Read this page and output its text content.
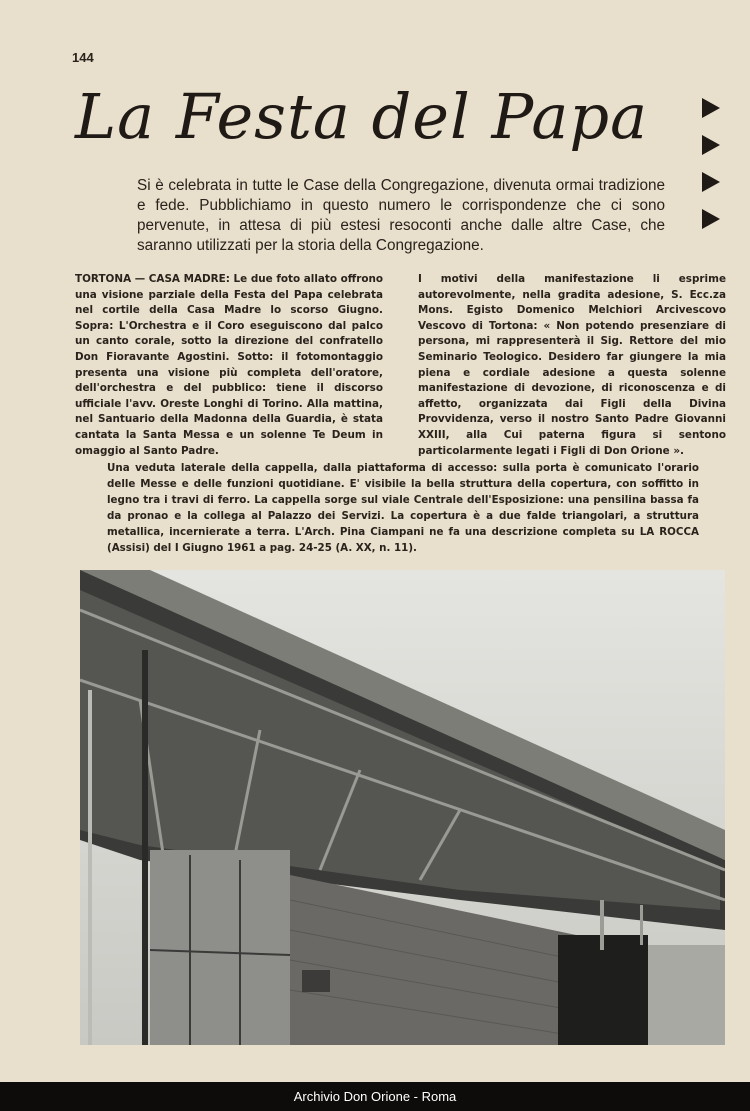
144
La Festa del Papa
Si è celebrata in tutte le Case della Congregazione, divenuta ormai tradizione e fede. Pubblichiamo in questo numero le corrispondenze che ci sono pervenute, in attesa di più estesi resoconti anche dalle altre Case, che saranno utilizzati per la storia della Congregazione.
TORTONA — CASA MADRE: Le due foto allato offrono una visione parziale della Festa del Papa celebrata nel cortile della Casa Madre lo scorso Giugno. Sopra: L'Orchestra e il Coro eseguiscono dal palco un canto corale, sotto la direzione del confratello Don Fioravante Agostini. Sotto: il fotomontaggio presenta una visione più completa dell'oratore, dell'orchestra e del pubblico: tiene il discorso ufficiale l'avv. Oreste Longhi di Torino. Alla mattina, nel Santuario della Madonna della Guardia, è stata cantata la Santa Messa e un solenne Te Deum in omaggio al Santo Padre.
I motivi della manifestazione li esprime autorevolmente, nella gradita adesione, S. Ecc.za Mons. Egisto Domenico Melchiori Arcivescovo Vescovo di Tortona: « Non potendo presenziare di persona, mi rappresenterà il Sig. Rettore del mio Seminario Teologico. Desidero far giungere la mia piena e cordiale adesione a questa solenne manifestazione di devozione, di riconoscenza e di affetto, organizzata dai Figli della Divina Provvidenza, verso il nostro Santo Padre Giovanni XXIII, alla Cui paterna figura si sentono particolarmente legati i Figli di Don Orione ».
Una veduta laterale della cappella, dalla piattaforma di accesso: sulla porta è comunicato l'orario delle Messe e delle funzioni quotidiane. E' visibile la bella struttura della copertura, con soffitto in legno tra i travi di ferro. La cappella sorge sul viale Centrale dell'Esposizione: una pensilina bassa fa da pronao e la collega al Palazzo dei Servizi. La copertura è a due falde triangolari, a struttura metallica, incernierate a terra. L'Arch. Pina Ciampani ne fa una descrizione completa su LA ROCCA (Assisi) del I Giugno 1961 a pag. 24-25 (A. XX, n. 11).
Archivio Don Orione - Roma
